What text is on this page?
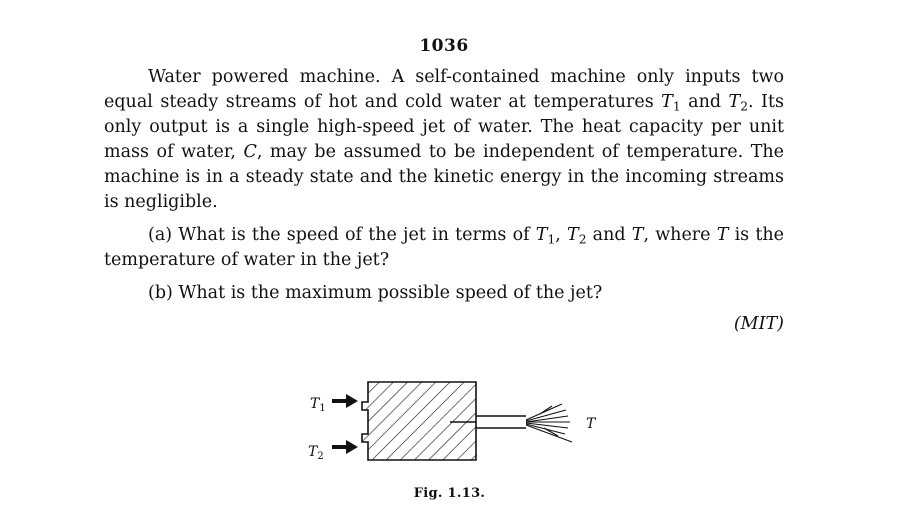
1036

Water powered machine. A self-contained machine only inputs two equal steady streams of hot and cold water at temperatures $T_1$ and $T_2$. Its only output is a single high-speed jet of water. The heat capacity per unit mass of water, C, may be assumed to be independent of temperature. The machine is in a steady state and the kinetic energy in the incoming streams is negligible.

(a) What is the speed of the jet in terms of $T_1$, $T_2$ and T, where T is the temperature of water in the jet?

(b) What is the maximum possible speed of the jet?

(MIT)
$T_1$
$T_2$
T
Fig. 1.13.
